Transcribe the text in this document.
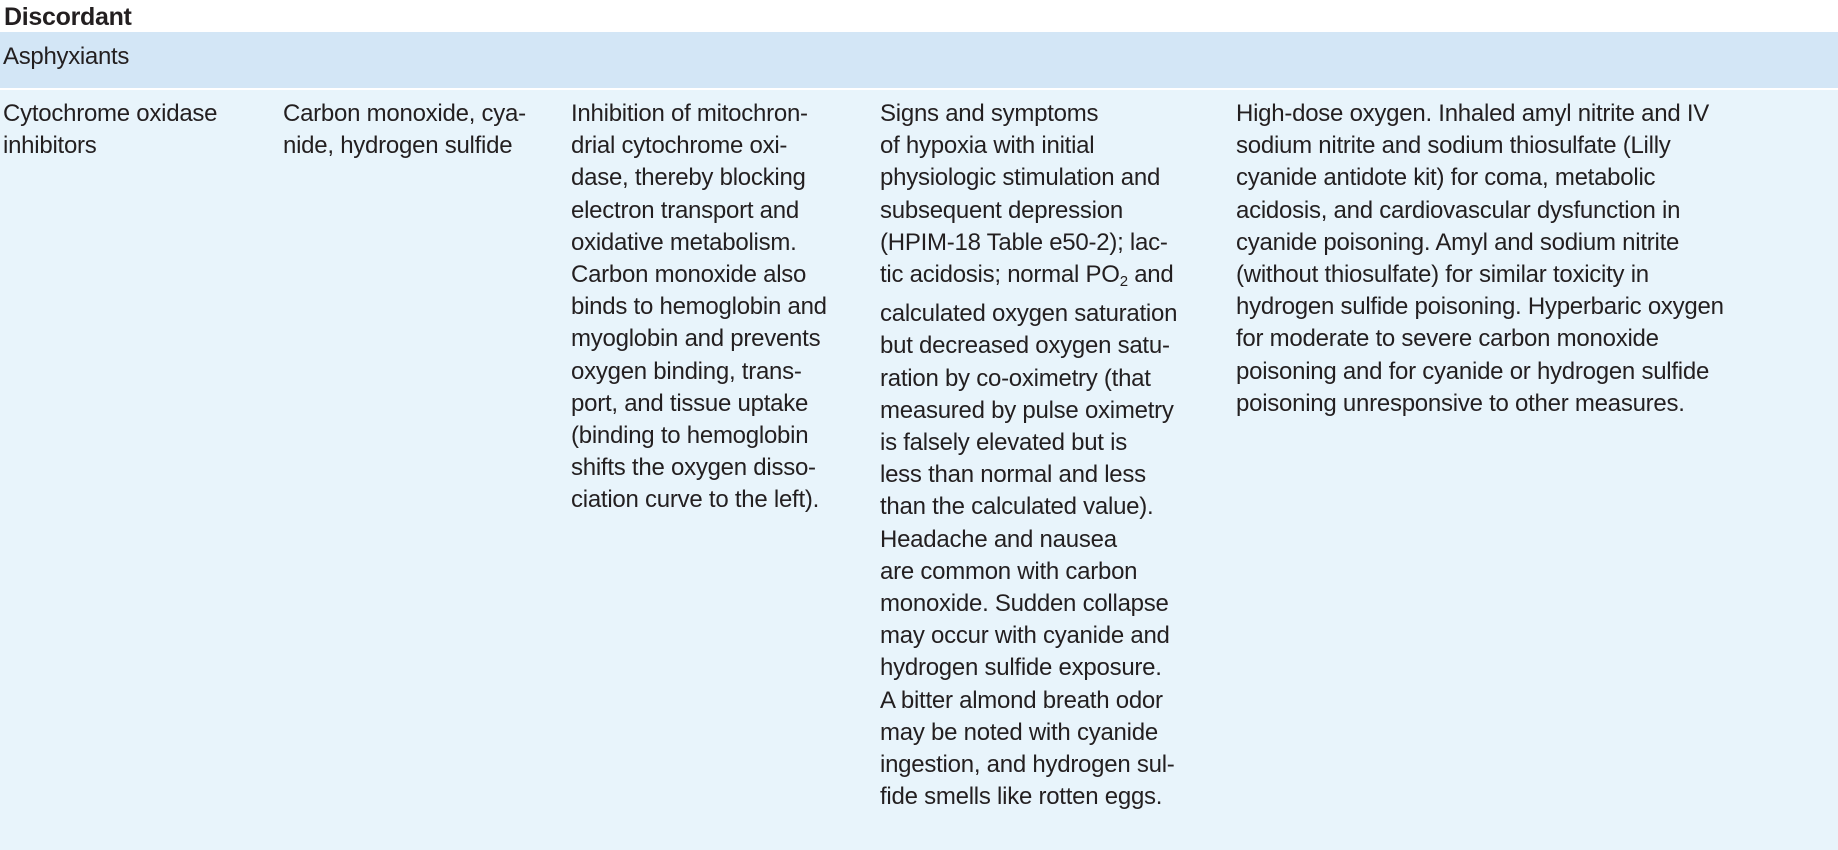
Discordant
Asphyxiants
Cytochrome oxidase
inhibitors
Carbon monoxide, cya-
nide, hydrogen sulfide
Inhibition of mitochron-
drial cytochrome oxi-
dase, thereby blocking
electron transport and
oxidative metabolism.
Carbon monoxide also
binds to hemoglobin and
myoglobin and prevents
oxygen binding, trans-
port, and tissue uptake
(binding to hemoglobin
shifts the oxygen disso-
ciation curve to the left).
Signs and symptoms
of hypoxia with initial
physiologic stimulation and
subsequent depression
(HPIM-18 Table e50-2); lac-
tic acidosis; normal $PO_2$ and
calculated oxygen saturation
but decreased oxygen satu-
ration by co-oximetry (that
measured by pulse oximetry
is falsely elevated but is
less than normal and less
than the calculated value).
Headache and nausea
are common with carbon
monoxide. Sudden collapse
may occur with cyanide and
hydrogen sulfide exposure.
A bitter almond breath odor
may be noted with cyanide
ingestion, and hydrogen sul-
fide smells like rotten eggs.
High-dose oxygen. Inhaled amyl nitrite and IV
sodium nitrite and sodium thiosulfate (Lilly
cyanide antidote kit) for coma, metabolic
acidosis, and cardiovascular dysfunction in
cyanide poisoning. Amyl and sodium nitrite
(without thiosulfate) for similar toxicity in
hydrogen sulfide poisoning. Hyperbaric oxygen
for moderate to severe carbon monoxide
poisoning and for cyanide or hydrogen sulfide
poisoning unresponsive to other measures.
